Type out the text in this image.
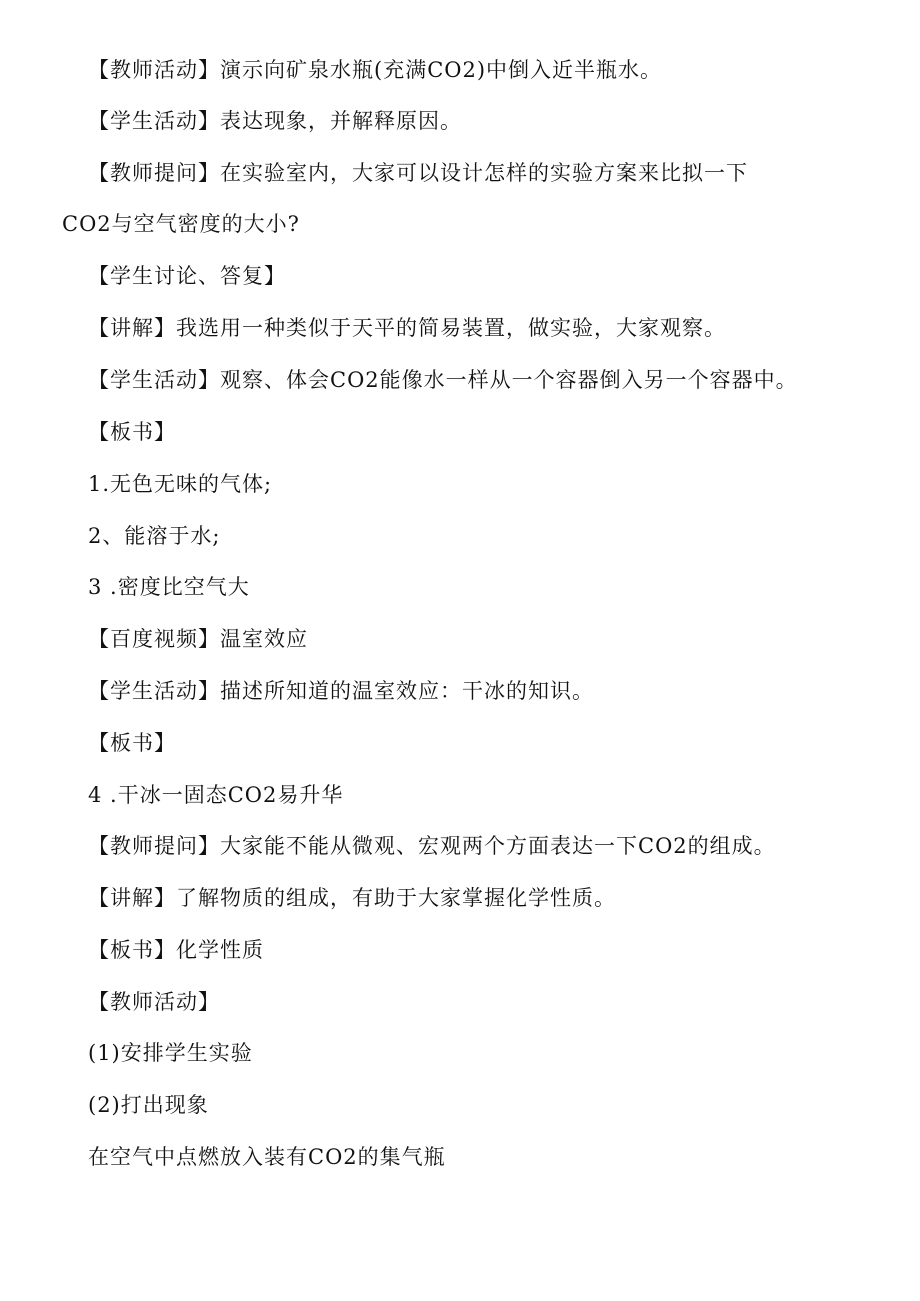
【教师活动】演示向矿泉水瓶(充满CO2)中倒入近半瓶水。
【学生活动】表达现象，并解释原因。
【教师提问】在实验室内，大家可以设计怎样的实验方案来比拟一下
CO2与空气密度的大小?
【学生讨论、答复】
【讲解】我选用一种类似于天平的简易装置，做实验，大家观察。
【学生活动】观察、体会CO2能像水一样从一个容器倒入另一个容器中。
【板书】
1.无色无味的气体;
2、能溶于水;
3 .密度比空气大
【百度视频】温室效应
【学生活动】描述所知道的温室效应：干冰的知识。
【板书】
4 .干冰一固态CO2易升华
【教师提问】大家能不能从微观、宏观两个方面表达一下CO2的组成。
【讲解】了解物质的组成，有助于大家掌握化学性质。
【板书】化学性质
【教师活动】
(1)安排学生实验
(2)打出现象
在空气中点燃放入装有CO2的集气瓶
